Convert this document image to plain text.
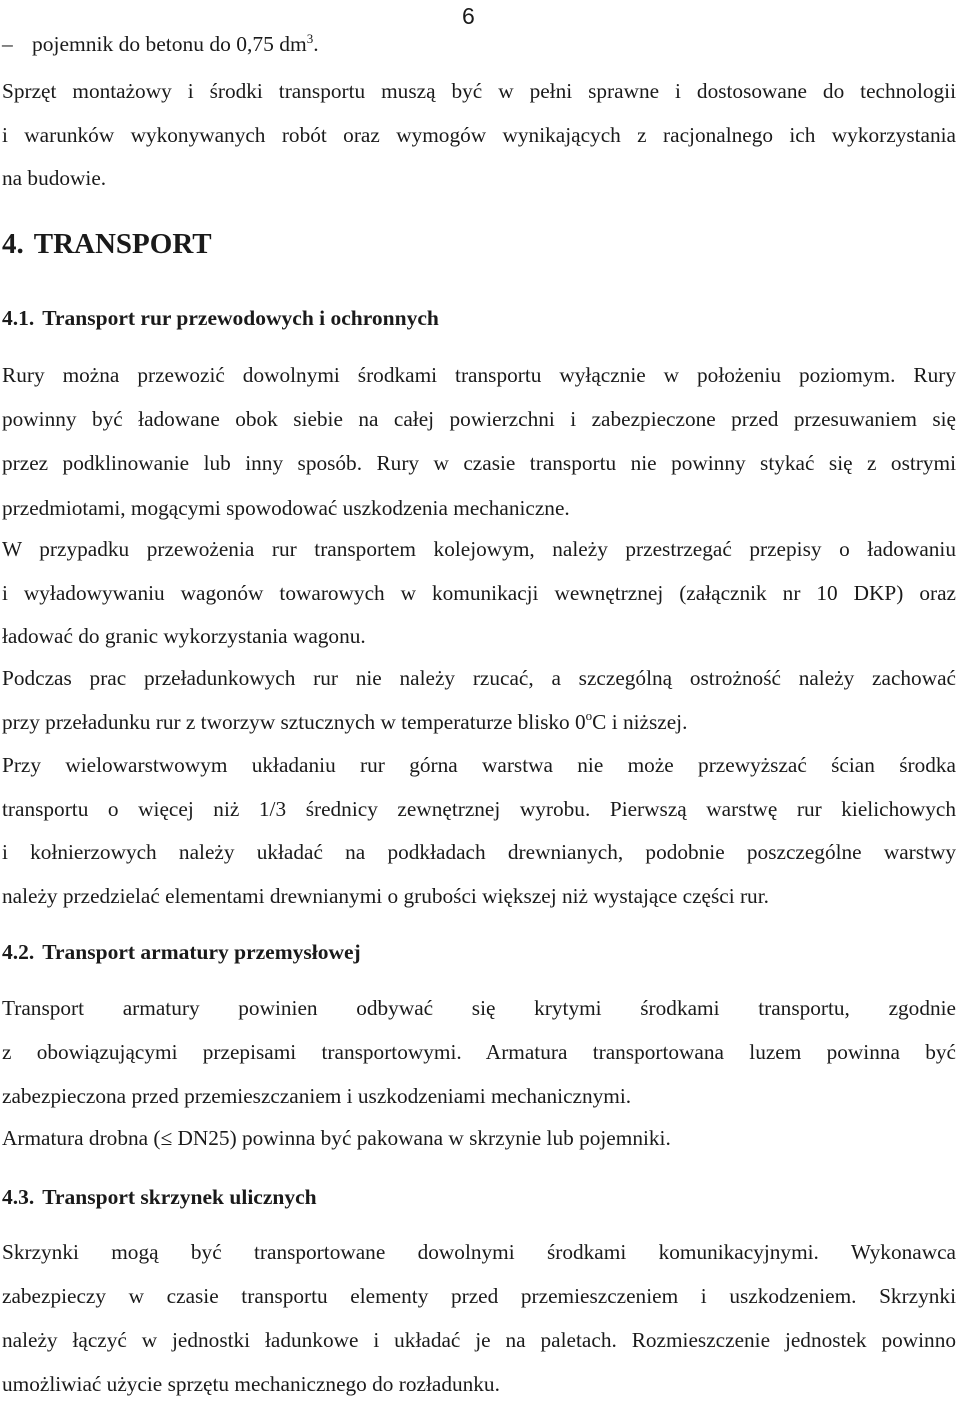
6
– pojemnik do betonu do 0,75 $dm^3$.
Sprzęt montażowy i środki transportu muszą być w pełni sprawne i dostosowane do technologii
i warunków wykonywanych robót oraz wymogów wynikających z racjonalnego ich wykorzystania
na budowie.
4. TRANSPORT
4.1. Transport rur przewodowych i ochronnych
Rury można przewozić dowolnymi środkami transportu wyłącznie w położeniu poziomym. Rury
powinny być ładowane obok siebie na całej powierzchni i zabezpieczone przed przesuwaniem się
przez podklinowanie lub inny sposób. Rury w czasie transportu nie powinny stykać się z ostrymi
przedmiotami, mogącymi spowodować uszkodzenia mechaniczne.
W przypadku przewożenia rur transportem kolejowym, należy przestrzegać przepisy o ładowaniu
i wyładowywaniu wagonów towarowych w komunikacji wewnętrznej (załącznik nr 10 DKP) oraz
ładować do granic wykorzystania wagonu.
Podczas prac przeładunkowych rur nie należy rzucać, a szczególną ostrożność należy zachować
przy przeładunku rur z tworzyw sztucznych w temperaturze blisko 0$^o$C i niższej.
Przy wielowarstwowym układaniu rur górna warstwa nie może przewyższać ścian środka
transportu o więcej niż 1/3 średnicy zewnętrznej wyrobu. Pierwszą warstwę rur kielichowych
i kołnierzowych należy układać na podkładach drewnianych, podobnie poszczególne warstwy
należy przedzielać elementami drewnianymi o grubości większej niż wystające części rur.
4.2. Transport armatury przemysłowej
Transport armatury powinien odbywać się krytymi środkami transportu, zgodnie
z obowiązującymi przepisami transportowymi. Armatura transportowana luzem powinna być
zabezpieczona przed przemieszczaniem i uszkodzeniami mechanicznymi.
Armatura drobna (≤ DN25) powinna być pakowana w skrzynie lub pojemniki.
4.3. Transport skrzynek ulicznych
Skrzynki mogą być transportowane dowolnymi środkami komunikacyjnymi. Wykonawca
zabezpieczy w czasie transportu elementy przed przemieszczeniem i uszkodzeniem. Skrzynki
należy łączyć w jednostki ładunkowe i układać je na paletach. Rozmieszczenie jednostek powinno
umożliwiać użycie sprzętu mechanicznego do rozładunku.
